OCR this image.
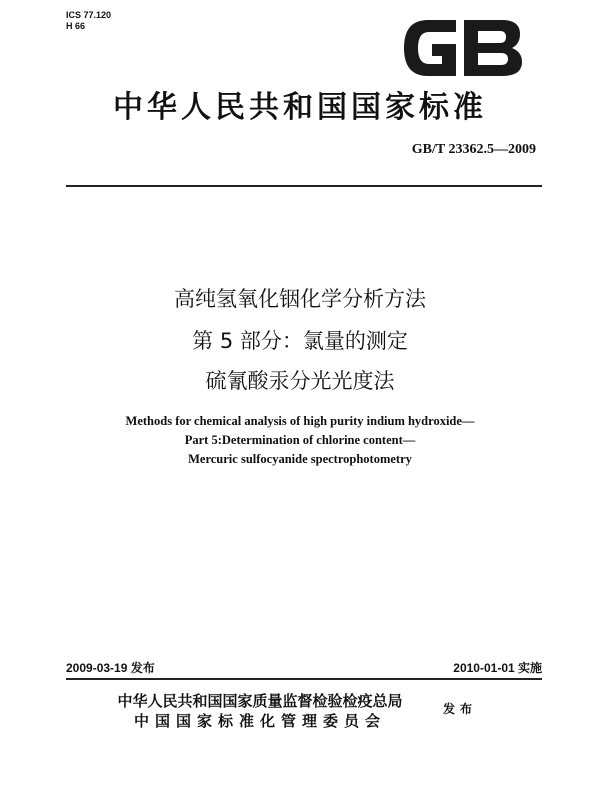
ICS 77.120
H 66
GB
中华人民共和国国家标准
GB/T 23362.5—2009
高纯氢氧化铟化学分析方法
第 5 部分：氯量的测定
硫氰酸汞分光光度法
Methods for chemical analysis of high purity indium hydroxide—
Part 5:Determination of chlorine content—
Mercuric sulfocyanide spectrophotometry
2009-03-19 发布	2010-01-01 实施
中华人民共和国国家质量监督检验检疫总局
中国国家标准化管理委员会
发布
